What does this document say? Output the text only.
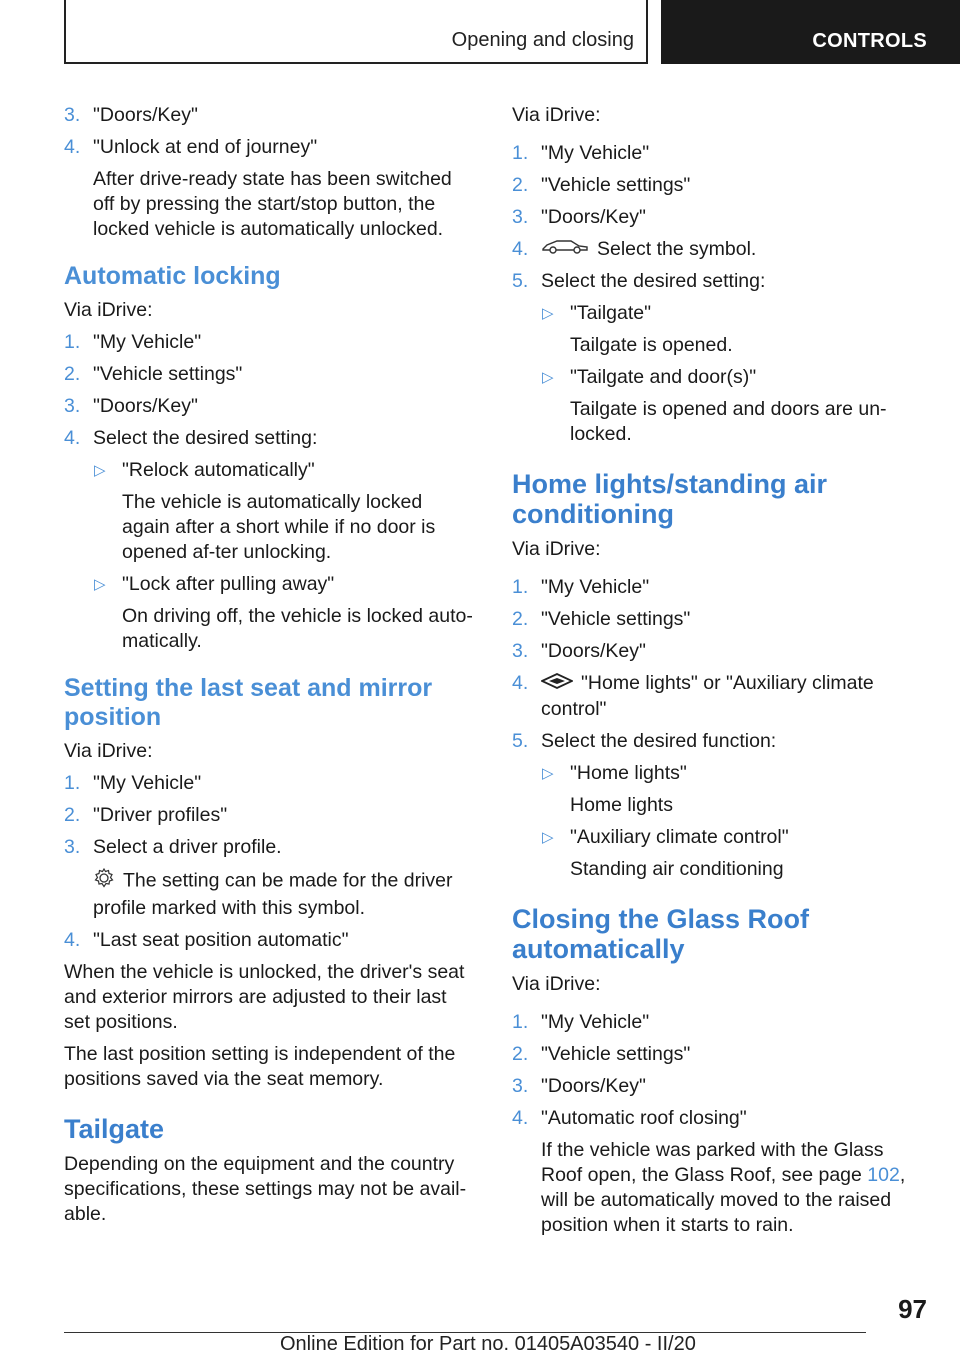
Opening and closing	CONTROLS
3. "Doors/Key"
4. "Unlock at end of journey"
After drive-ready state has been switched off by pressing the start/stop button, the locked vehicle is automatically unlocked.
Automatic locking
Via iDrive:
1. "My Vehicle"
2. "Vehicle settings"
3. "Doors/Key"
4. Select the desired setting:
▷ "Relock automatically"
The vehicle is automatically locked again after a short while if no door is opened af-ter unlocking.
▷ "Lock after pulling away"
On driving off, the vehicle is locked auto-matically.
Setting the last seat and mirror position
Via iDrive:
1. "My Vehicle"
2. "Driver profiles"
3. Select a driver profile.
The setting can be made for the driver profile marked with this symbol.
4. "Last seat position automatic"
When the vehicle is unlocked, the driver's seat and exterior mirrors are adjusted to their last set positions.
The last position setting is independent of the positions saved via the seat memory.
Tailgate
Depending on the equipment and the country specifications, these settings may not be avail-able.
Via iDrive:
1. "My Vehicle"
2. "Vehicle settings"
3. "Doors/Key"
4.	Select the symbol.
5. Select the desired setting:
▷ "Tailgate"
Tailgate is opened.
▷ "Tailgate and door(s)"
Tailgate is opened and doors are un-locked.
Home lights/standing air conditioning
Via iDrive:
1. "My Vehicle"
2. "Vehicle settings"
3. "Doors/Key"
4.	"Home lights" or "Auxiliary climate control"
5. Select the desired function:
▷ "Home lights"
Home lights
▷ "Auxiliary climate control"
Standing air conditioning
Closing the Glass Roof automatically
Via iDrive:
1. "My Vehicle"
2. "Vehicle settings"
3. "Doors/Key"
4. "Automatic roof closing"
If the vehicle was parked with the Glass Roof open, the Glass Roof, see page 102, will be automatically moved to the raised position when it starts to rain.
97
Online Edition for Part no. 01405A03540 - II/20
